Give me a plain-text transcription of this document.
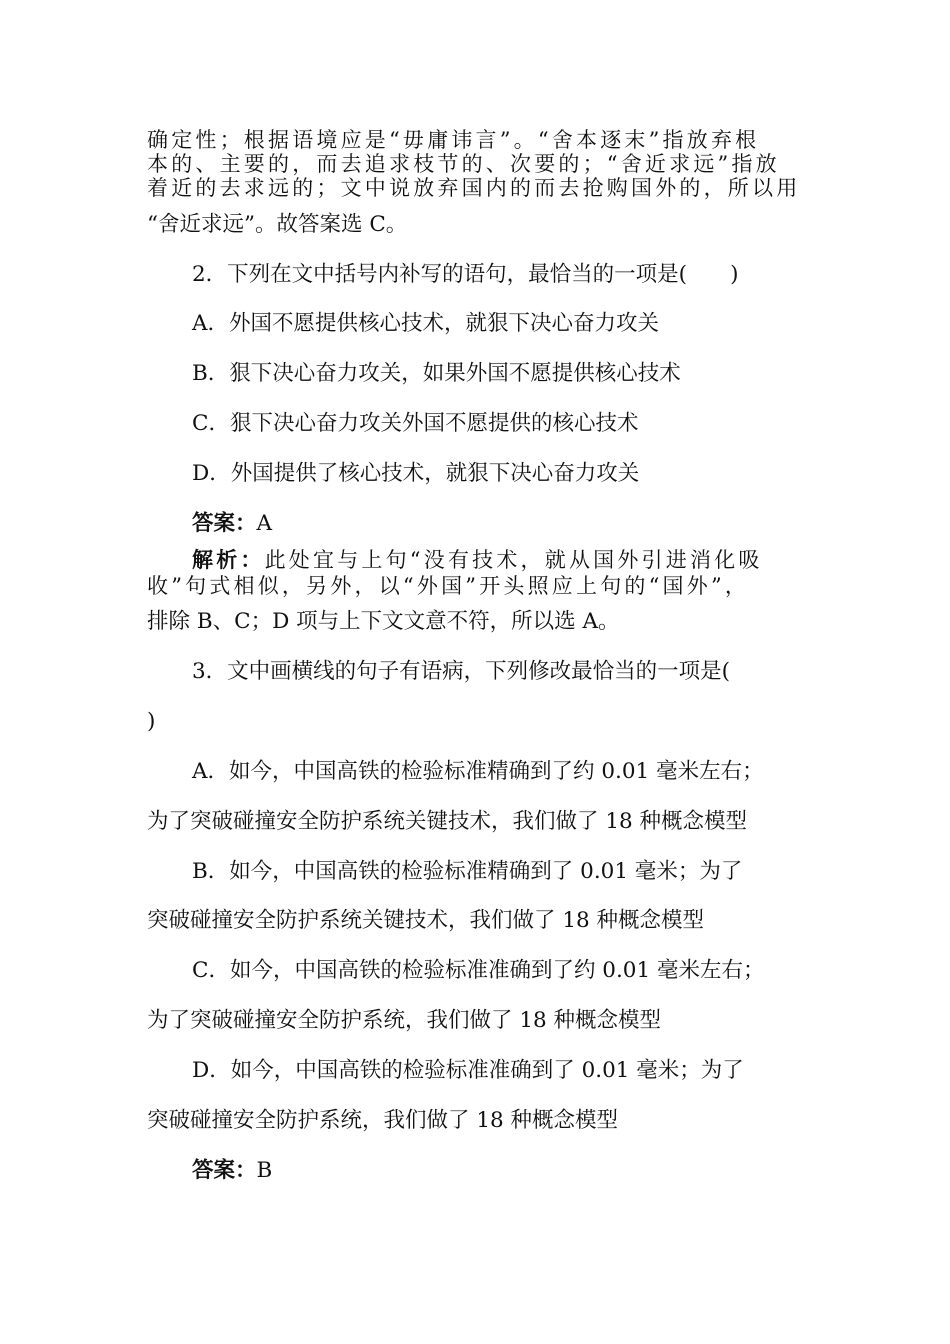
确定性；根据语境应是“毋庸讳言”。“舍本逐末”指放弃根
本的、主要的，而去追求枝节的、次要的；“舍近求远”指放
着近的去求远的；文中说放弃国内的而去抢购国外的，所以用
“舍近求远”。故答案选 C。
2．下列在文中括号内补写的语句，最恰当的一项是(　　)
A．外国不愿提供核心技术，就狠下决心奋力攻关
B．狠下决心奋力攻关，如果外国不愿提供核心技术
C．狠下决心奋力攻关外国不愿提供的核心技术
D．外国提供了核心技术，就狠下决心奋力攻关
答案：A
解析：此处宜与上句“没有技术，就从国外引进消化吸
收”句式相似，另外，以“外国”开头照应上句的“国外”，
排除 B、C；D 项与上下文文意不符，所以选 A。
3．文中画横线的句子有语病，下列修改最恰当的一项是(
)
A．如今，中国高铁的检验标准精确到了约 0.01 毫米左右；
为了突破碰撞安全防护系统关键技术，我们做了 18 种概念模型
B．如今，中国高铁的检验标准精确到了 0.01 毫米；为了
突破碰撞安全防护系统关键技术，我们做了 18 种概念模型
C．如今，中国高铁的检验标准准确到了约 0.01 毫米左右；
为了突破碰撞安全防护系统，我们做了 18 种概念模型
D．如今，中国高铁的检验标准准确到了 0.01 毫米；为了
突破碰撞安全防护系统，我们做了 18 种概念模型
答案：B
